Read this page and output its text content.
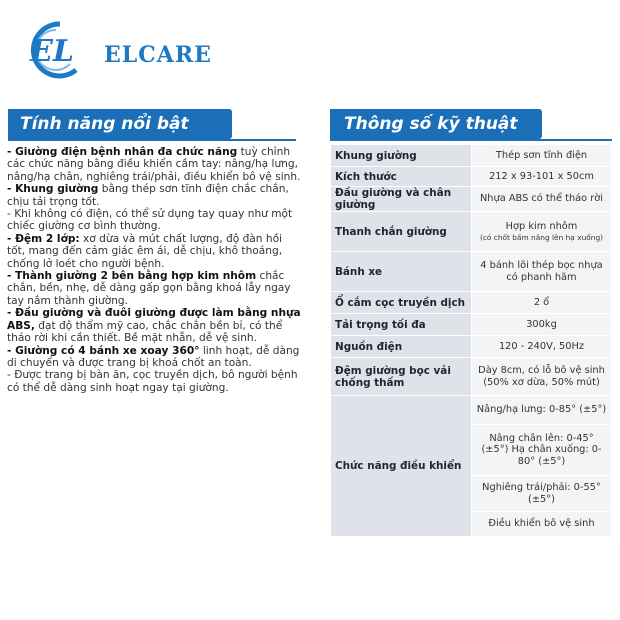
EL ELCARE
Tính năng nổi bật	Thông số kỹ thuật

- Giường điện bệnh nhân đa chức năng tuỳ chỉnh các chức năng bằng điều khiển cầm tay: nâng/hạ lưng, nâng/hạ chân, nghiêng trái/phải, điều khiển bô vệ sinh.

- Khung giường bằng thép sơn tĩnh điện chắc chắn, chịu tải trọng tốt.

- Khi không có điện, có thể sử dụng tay quay như một chiếc giường cơ bình thường.

- Đệm 2 lớp: xơ dừa và mút chất lượng, độ đàn hồi tốt, mang đến cảm giác êm ái, dễ chịu, khô thoáng, chống lở loét cho người bệnh.

- Thành giường 2 bên bằng hợp kim nhôm chắc chắn, bền, nhẹ, dễ dàng gấp gọn bằng khoá lẫy ngay tay nắm thành giường.

- Đầu giường và đuôi giường được làm bằng nhựa ABS, đạt độ thẩm mỹ cao, chắc chắn bền bỉ, có thể tháo rời khi cần thiết. Bề mặt nhẵn, dễ vệ sinh.

- Giường có 4 bánh xe xoay 360° linh hoạt, dễ dàng di chuyển và được trang bị khoá chốt an toàn.

- Được trang bị bàn ăn, cọc truyền dịch, bô người bệnh có thể dễ dàng sinh hoạt ngay tại giường.

Khung giường	Thép sơn tĩnh điện
Kích thước	212 x 93-101 x 50cm
Đầu giường và chân giường	Nhựa ABS có thể tháo rời
Thanh chắn giường	Hợp kim nhôm
(có chốt bấm nâng lên hạ xuống)

Bánh xe	4 bánh lõi thép bọc nhựa có phanh hãm
Ổ cắm cọc truyền dịch	2 ổ
Tải trọng tối đa	300kg
Nguồn điện	120 - 240V, 50Hz
Đệm giường bọc vải chống thấm	Dày 8cm, có lỗ bô vệ sinh (50% xơ dừa, 50% mút)
Chức năng điều khiển	Nâng/hạ lưng: 0-85° (±5°)
Nâng chân lên: 0-45° (±5°) Hạ chân xuống: 0-80° (±5°)
Nghiêng trái/phải: 0-55°(±5°)
Điều khiển bô vệ sinh
